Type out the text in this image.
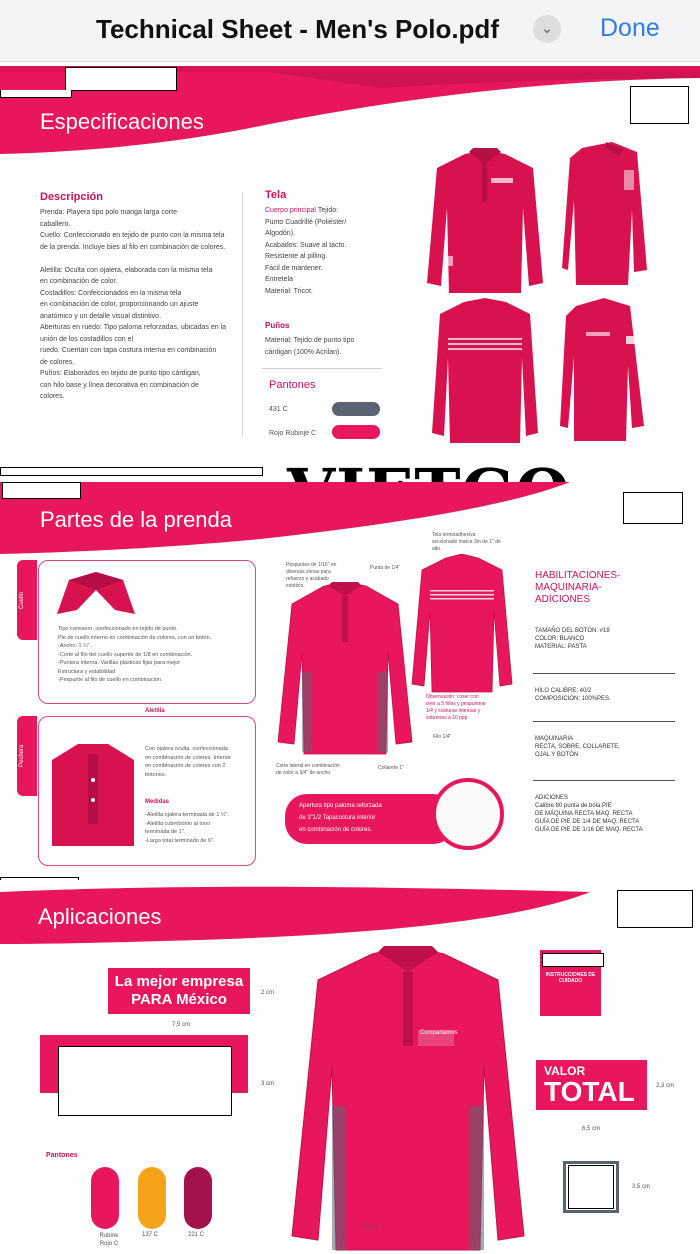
Technical Sheet - Men's Polo.pdf	⌄	Done
Especificaciones
Descripción
Prenda: Playera tipo polo manga larga corte
caballero.
Cuello: Confeccionado en tejido de punto con la misma tela
de la prenda. Incluye bies al filo en combinación de colores.

Aletilla: Oculta con ojalera, elaborada con la misma tela
en combinación de color.
Costadillos: Confeccionados en la misma tela
en combinación de color, proporcionando un ajuste
anatómico y un detalle visual distintivo.
Aberturas en ruedo: Tipo paloma reforzadas, ubicadas en la
unión de los costadillos con el
ruedo. Cuentan con tapa costura interna en combinación
de colores.
Puños: Elaborados en tejido de punto tipo cárdigan,
con hilo base y línea decorativa en combinación de
colores.
Tela
Cuerpo principal Tejido:
Punto Cuadrillé (Poliéster/
Algodón).
Acabados: Suave al tacto.
Resistente al pilling.
Fácil de mantener.
Entretela
Material: Tricot.
Puños
Material: Tejido de punto tipo
cárdigan (100% Acrilan).
Pantones
431 C
Rojo Rubinje C
Partes de la prenda
Cuello
Tipo camisero, confeccionado en tejido de punto.
Pie de cuello interno en combinación de colores, con un botón.
-Ancho: 1 ¼".
-Corte al filo del cuello superior de 1/8 en combinación.
-Puntera interna. Varillas plásticas fijas para mejor
Estructura y estabilidad
-Pespunte al filo de cuello en combinación.
Pechera
Aletilla
Con ojalera oculta, confeccionada
en combinación de colores. Interior
en combinación de colores con 2
botones.
Medidas
-Aletilla ojalera terminada de 1 ½".
-Aletilla cubrebotón al tono
terminada de 1".
-Largo total terminado de 6".
Pespuntes de 1/16" en diversas zonas para refuerzo y acabado estético.
Punta de 1/4"
Tela termoadhesiva seccionado marca 3m de 1" de alto.
Observación: coser con over a 5 hilos y pespuntear 1/4 y costuras internas y sobrenas a 10 ppp
Filo 1/4"
Corte lateral en combinación de color a 3/4" de ancho.
Collarete 1"
Apertura tipo paloma reforzada
de 3"1/2 Tapacostura interior
en combinación de colores.
HABILITACIONES- MAQUINARIA- ADICIONES
TAMAÑO DEL BOTÓN: #18
COLOR: BLANCO
MATERIAL: PASTA
HILO CALIBRE: 40/2
COMPOSICIÓN: 100%PES.
MAQUINARIA
RECTA, SOBRE, COLLARETE,
OJAL Y BOTÓN
ADICIONES
Calibre 80 punta de bola PIE
DE MÁQUINA RECTA MAQ. RECTA
GUÍA DE PIE DE 1/4 DE MAQ. RECTA
GUÍA DE PIE DE 1/16 DE MAQ. RECTA
Aplicaciones
La mejor empresa
PARA México	2 cm
7,5 cm
3 cm
Pantones
Rubine
Rojo C
137 C	221 C
Compartamos
3"1/2
INSTRUCCIONES DE CUIDADO
VALOR
TOTAL	2,3 cm
6,5 cm
3,5 cm
